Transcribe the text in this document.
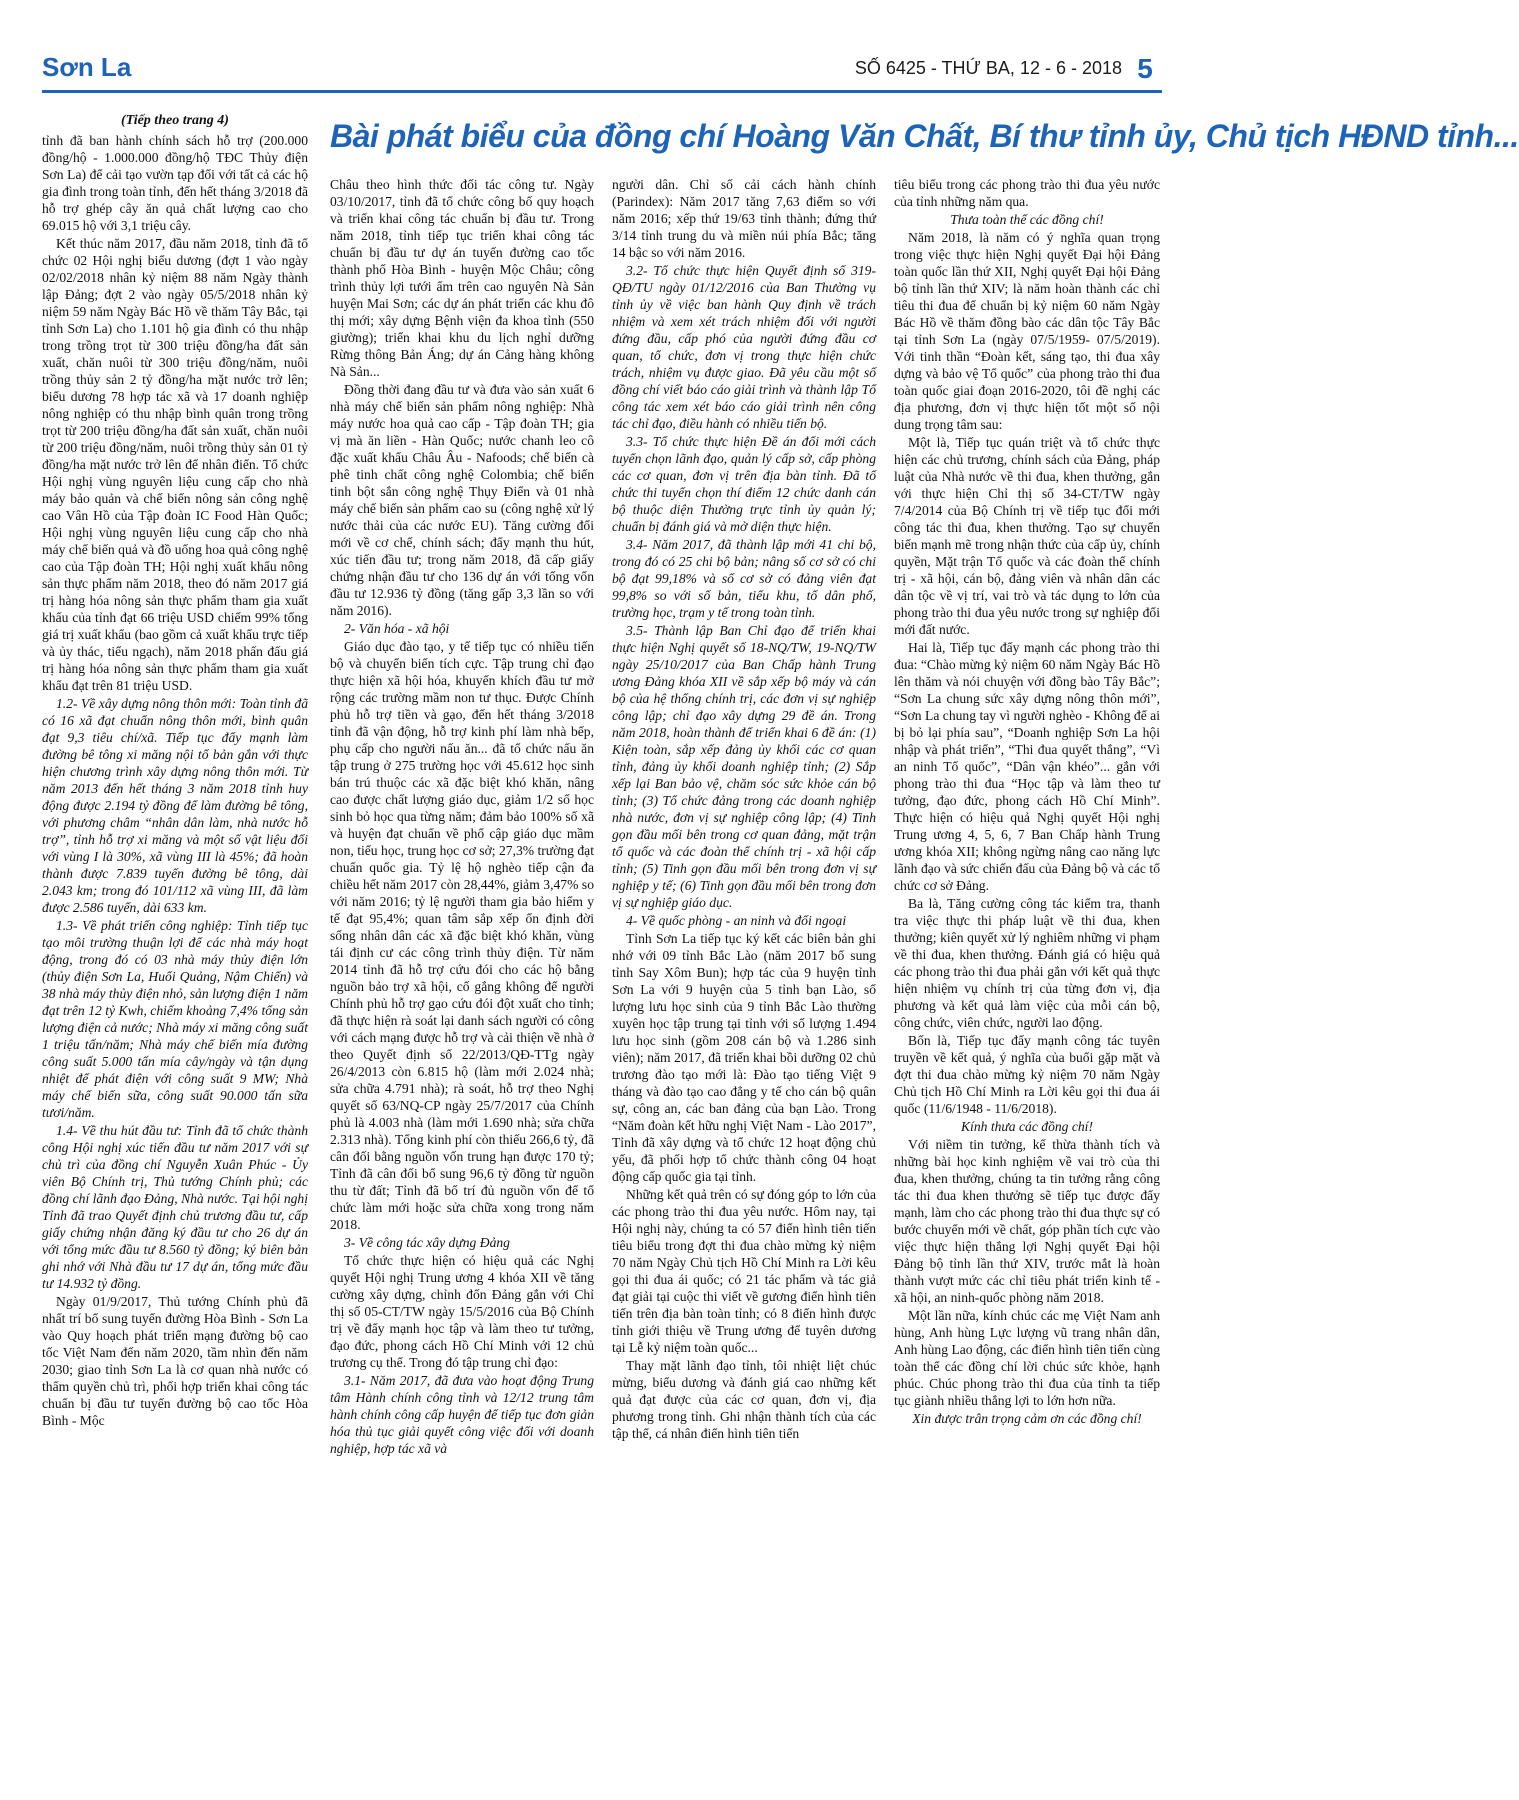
Sơn La	SỐ 6425 - THỨ BA, 12 - 6 - 2018 5
Bài phát biểu của đồng chí Hoàng Văn Chất, Bí thư tỉnh ủy, Chủ tịch HĐND tỉnh...
(Tiếp theo trang 4)

tỉnh đã ban hành chính sách hỗ trợ (200.000 đồng/hộ - 1.000.000 đồng/hộ TĐC Thủy điện Sơn La) để cải tạo vườn tạp đối với tất cả các hộ gia đình trong toàn tỉnh, đến hết tháng 3/2018 đã hỗ trợ ghép cây ăn quả chất lượng cao cho 69.015 hộ với 3,1 triệu cây.

Kết thúc năm 2017, đầu năm 2018, tỉnh đã tổ chức 02 Hội nghị biểu dương (đợt 1 vào ngày 02/02/2018 nhân kỷ niệm 88 năm Ngày thành lập Đảng; đợt 2 vào ngày 05/5/2018 nhân kỷ niệm 59 năm Ngày Bác Hồ về thăm Tây Bắc, tại tỉnh Sơn La) cho 1.101 hộ gia đình có thu nhập trong trồng trọt từ 300 triệu đồng/ha đất sản xuất, chăn nuôi từ 300 triệu đồng/năm, nuôi trồng thủy sản 2 tỷ đồng/ha mặt nước trở lên; biểu dương 78 hợp tác xã và 17 doanh nghiệp nông nghiệp có thu nhập bình quân trong trồng trọt từ 200 triệu đồng/ha đất sản xuất, chăn nuôi từ 200 triệu đồng/năm, nuôi trồng thủy sản 01 tỷ đồng/ha mặt nước trở lên để nhân điển. Tổ chức Hội nghị vùng nguyên liệu cung cấp cho nhà máy bảo quản và chế biến nông sản công nghệ cao Vân Hồ của Tập đoàn IC Food Hàn Quốc; Hội nghị vùng nguyên liệu cung cấp cho nhà máy chế biến quả và đồ uống hoa quả công nghệ cao của Tập đoàn TH; Hội nghị xuất khẩu nông sản thực phẩm năm 2018, theo đó năm 2017 giá trị hàng hóa nông sản thực phẩm tham gia xuất khẩu của tỉnh đạt 66 triệu USD chiếm 99% tổng giá trị xuất khẩu (bao gồm cả xuất khẩu trực tiếp và ủy thác, tiểu ngạch), năm 2018 phấn đấu giá trị hàng hóa nông sản thực phẩm tham gia xuất khẩu đạt trên 81 triệu USD.

1.2- Về xây dựng nông thôn mới: Toàn tỉnh đã có 16 xã đạt chuẩn nông thôn mới, bình quân đạt 9,3 tiêu chí/xã. Tiếp tục đẩy mạnh làm đường bê tông xi măng nội tổ bản gắn với thực hiện chương trình xây dựng nông thôn mới. Từ năm 2013 đến hết tháng 3 năm 2018 tỉnh huy động được 2.194 tỷ đồng để làm đường bê tông, với phương châm “nhân dân làm, nhà nước hỗ trợ”, tỉnh hỗ trợ xi măng và một số vật liệu đối với vùng I là 30%, xã vùng III là 45%; đã hoàn thành được 7.839 tuyến đường bê tông, dài 2.043 km; trong đó 101/112 xã vùng III, đã làm được 2.586 tuyến, dài 633 km.

1.3- Về phát triển công nghiệp: Tỉnh tiếp tục tạo môi trường thuận lợi để các nhà máy hoạt động, trong đó có 03 nhà máy thủy điện lớn (thủy điện Sơn La, Huổi Quảng, Nậm Chiến) và 38 nhà máy thủy điện nhỏ, sản lượng điện 1 năm đạt trên 12 tỷ Kwh, chiếm khoảng 7,4% tổng sản lượng điện cả nước; Nhà máy xi măng công suất 1 triệu tấn/năm; Nhà máy chế biến mía đường công suất 5.000 tấn mía cây/ngày và tận dụng nhiệt để phát điện với công suất 9 MW; Nhà máy chế biến sữa, công suất 90.000 tấn sữa tươi/năm.

1.4- Về thu hút đầu tư: Tỉnh đã tổ chức thành công Hội nghị xúc tiến đầu tư năm 2017 với sự chủ trì của đồng chí Nguyễn Xuân Phúc - Ủy viên Bộ Chính trị, Thủ tướng Chính phủ; các đồng chí lãnh đạo Đảng, Nhà nước. Tại hội nghị Tỉnh đã trao Quyết định chủ trương đầu tư, cấp giấy chứng nhận đăng ký đầu tư cho 26 dự án với tổng mức đầu tư 8.560 tỷ đồng; ký biên bản ghi nhớ với Nhà đầu tư 17 dự án, tổng mức đầu tư 14.932 tỷ đồng.

Ngày 01/9/2017, Thủ tướng Chính phủ đã nhất trí bổ sung tuyến đường Hòa Bình - Sơn La vào Quy hoạch phát triển mạng đường bộ cao tốc Việt Nam đến năm 2020, tầm nhìn đến năm 2030; giao tỉnh Sơn La là cơ quan nhà nước có thẩm quyền chủ trì, phối hợp triển khai công tác chuẩn bị đầu tư tuyến đường bộ cao tốc Hòa Bình - Mộc

Châu theo hình thức đối tác công tư. Ngày 03/10/2017, tỉnh đã tổ chức công bố quy hoạch và triển khai công tác chuẩn bị đầu tư. Trong năm 2018, tỉnh tiếp tục triển khai công tác chuẩn bị đầu tư dự án tuyến đường cao tốc thành phố Hòa Bình - huyện Mộc Châu; công trình thủy lợi tưới ẩm trên cao nguyên Nà Sản huyện Mai Sơn; các dự án phát triển các khu đô thị mới; xây dựng Bệnh viện đa khoa tỉnh (550 giường); triển khai khu du lịch nghỉ dưỡng Rừng thông Bản Áng; dự án Cảng hàng không Nà Sản...

Đồng thời đang đầu tư và đưa vào sản xuất 6 nhà máy chế biến sản phẩm nông nghiệp: Nhà máy nước hoa quả cao cấp - Tập đoàn TH; gia vị mà ăn liền - Hàn Quốc; nước chanh leo cô đặc xuất khẩu Châu Âu - Nafoods; chế biến cà phê tinh chất công nghệ Colombia; chế biến tinh bột sắn công nghệ Thụy Điển và 01 nhà máy chế biến sản phẩm cao su (công nghệ xử lý nước thải của các nước EU). Tăng cường đổi mới về cơ chế, chính sách; đẩy mạnh thu hút, xúc tiến đầu tư; trong năm 2018, đã cấp giấy chứng nhận đầu tư cho 136 dự án với tổng vốn đầu tư 12.936 tỷ đồng (tăng gấp 3,3 lần so với năm 2016).

2- Văn hóa - xã hội

Giáo dục đào tạo, y tế tiếp tục có nhiều tiến bộ và chuyển biến tích cực. Tập trung chỉ đạo thực hiện xã hội hóa, khuyến khích đầu tư mở rộng các trường mầm non tư thục. Được Chính phủ hỗ trợ tiền và gạo, đến hết tháng 3/2018 tỉnh đã vận động, hỗ trợ kinh phí làm nhà bếp, phụ cấp cho người nấu ăn... đã tổ chức nấu ăn tập trung ở 275 trường học với 45.612 học sinh bán trú thuộc các xã đặc biệt khó khăn, nâng cao được chất lượng giáo dục, giảm 1/2 số học sinh bỏ học qua từng năm; đảm bảo 100% số xã và huyện đạt chuẩn về phổ cập giáo dục mầm non, tiểu học, trung học cơ sở; 27,3% trường đạt chuẩn quốc gia. Tỷ lệ hộ nghèo tiếp cận đa chiều hết năm 2017 còn 28,44%, giảm 3,47% so với năm 2016; tỷ lệ người tham gia bảo hiểm y tế đạt 95,4%; quan tâm sắp xếp ổn định đời sống nhân dân các xã đặc biệt khó khăn, vùng tái định cư các công trình thủy điện. Từ năm 2014 tỉnh đã hỗ trợ cứu đói cho các hộ bằng nguồn bảo trợ xã hội, cố gắng không để người Chính phủ hỗ trợ gạo cứu đói đột xuất cho tỉnh; đã thực hiện rà soát lại danh sách người có công với cách mạng được hỗ trợ và cải thiện về nhà ở theo Quyết định số 22/2013/QĐ-TTg ngày 26/4/2013 còn 6.815 hộ (làm mới 2.024 nhà; sửa chữa 4.791 nhà); rà soát, hỗ trợ theo Nghị quyết số 63/NQ-CP ngày 25/7/2017 của Chính phủ là 4.003 nhà (làm mới 1.690 nhà; sửa chữa 2.313 nhà). Tổng kinh phí còn thiếu 266,6 tỷ, đã cân đối bằng nguồn vốn trung hạn được 170 tỷ; Tỉnh đã cân đối bổ sung 96,6 tỷ đồng từ nguồn thu từ đất; Tỉnh đã bố trí đủ nguồn vốn để tổ chức làm mới hoặc sửa chữa xong trong năm 2018.

3- Về công tác xây dựng Đảng

Tổ chức thực hiện có hiệu quả các Nghị quyết Hội nghị Trung ương 4 khóa XII về tăng cường xây dựng, chỉnh đốn Đảng gắn với Chỉ thị số 05-CT/TW ngày 15/5/2016 của Bộ Chính trị về đẩy mạnh học tập và làm theo tư tưởng, đạo đức, phong cách Hồ Chí Minh với 12 chủ trương cụ thể. Trong đó tập trung chỉ đạo:

3.1- Năm 2017, đã đưa vào hoạt động Trung tâm Hành chính công tỉnh và 12/12 trung tâm hành chính công cấp huyện để tiếp tục đơn giản hóa thủ tục giải quyết công việc đối với doanh nghiệp, hợp tác xã và

người dân. Chỉ số cải cách hành chính (Parindex): Năm 2017 tăng 7,63 điểm so với năm 2016; xếp thứ 19/63 tỉnh thành; đứng thứ 3/14 tỉnh trung du và miền núi phía Bắc; tăng 14 bậc so với năm 2016.

3.2- Tổ chức thực hiện Quyết định số 319-QĐ/TU ngày 01/12/2016 của Ban Thường vụ tỉnh ủy về việc ban hành Quy định về trách nhiệm và xem xét trách nhiệm đối với người đứng đầu, cấp phó của người đứng đầu cơ quan, tổ chức, đơn vị trong thực hiện chức trách, nhiệm vụ được giao. Đã yêu cầu một số đồng chí viết báo cáo giải trình và thành lập Tổ công tác xem xét báo cáo giải trình nên công tác chỉ đạo, điều hành có nhiều tiến bộ.

3.3- Tổ chức thực hiện Đề án đổi mới cách tuyển chọn lãnh đạo, quản lý cấp sở, cấp phòng các cơ quan, đơn vị trên địa bàn tỉnh. Đã tổ chức thi tuyển chọn thí điểm 12 chức danh cán bộ thuộc diện Thường trực tỉnh ủy quản lý; chuẩn bị đánh giá và mở diện thực hiện.

3.4- Năm 2017, đã thành lập mới 41 chi bộ, trong đó có 25 chi bộ bản; nâng số cơ sở có chi bộ đạt 99,18% và số cơ sở có đảng viên đạt 99,8% so với số bản, tiểu khu, tổ dân phố, trường học, trạm y tế trong toàn tỉnh.

3.5- Thành lập Ban Chỉ đạo để triển khai thực hiện Nghị quyết số 18-NQ/TW, 19-NQ/TW ngày 25/10/2017 của Ban Chấp hành Trung ương Đảng khóa XII về sắp xếp bộ máy và cán bộ của hệ thống chính trị, các đơn vị sự nghiệp công lập; chỉ đạo xây dựng 29 đề án. Trong năm 2018, hoàn thành để triển khai 6 đề án: (1) Kiện toàn, sắp xếp đảng ủy khối các cơ quan tỉnh, đảng ủy khối doanh nghiệp tỉnh; (2) Sắp xếp lại Ban bảo vệ, chăm sóc sức khỏe cán bộ tỉnh; (3) Tổ chức đảng trong các doanh nghiệp nhà nước, đơn vị sự nghiệp công lập; (4) Tinh gọn đầu mối bên trong cơ quan đảng, mặt trận tổ quốc và các đoàn thể chính trị - xã hội cấp tỉnh; (5) Tinh gọn đầu mối bên trong đơn vị sự nghiệp y tế; (6) Tinh gọn đầu mối bên trong đơn vị sự nghiệp giáo dục.

4- Về quốc phòng - an ninh và đối ngoại

Tỉnh Sơn La tiếp tục ký kết các biên bản ghi nhớ với 09 tỉnh Bắc Lào (năm 2017 bổ sung tỉnh Say Xôm Bun); hợp tác của 9 huyện tỉnh Sơn La với 9 huyện của 5 tỉnh bạn Lào, số lượng lưu học sinh của 9 tỉnh Bắc Lào thường xuyên học tập trung tại tỉnh với số lượng 1.494 lưu học sinh (gồm 208 cán bộ và 1.286 sinh viên); năm 2017, đã triển khai bồi dưỡng 02 chủ trương đào tạo mới là: Đào tạo tiếng Việt 9 tháng và đào tạo cao đẳng y tế cho cán bộ quân sự, công an, các ban đảng của bạn Lào. Trong “Năm đoàn kết hữu nghị Việt Nam - Lào 2017”, Tỉnh đã xây dựng và tổ chức 12 hoạt động chủ yếu, đã phối hợp tổ chức thành công 04 hoạt động cấp quốc gia tại tỉnh.

Những kết quả trên có sự đóng góp to lớn của các phong trào thi đua yêu nước. Hôm nay, tại Hội nghị này, chúng ta có 57 điển hình tiên tiến tiêu biểu trong đợt thi đua chào mừng kỷ niệm 70 năm Ngày Chủ tịch Hồ Chí Minh ra Lời kêu gọi thi đua ái quốc; có 21 tác phẩm và tác giả đạt giải tại cuộc thi viết về gương điển hình tiên tiến trên địa bàn toàn tỉnh; có 8 điển hình được tỉnh giới thiệu về Trung ương để tuyên dương tại Lễ kỷ niệm toàn quốc...

Thay mặt lãnh đạo tỉnh, tôi nhiệt liệt chúc mừng, biểu dương và đánh giá cao những kết quả đạt được của các cơ quan, đơn vị, địa phương trong tỉnh. Ghi nhận thành tích của các tập thể, cá nhân điển hình tiên tiến

tiêu biểu trong các phong trào thi đua yêu nước của tỉnh những năm qua.

Thưa toàn thể các đồng chí!

Năm 2018, là năm có ý nghĩa quan trọng trong việc thực hiện Nghị quyết Đại hội Đảng toàn quốc lần thứ XII, Nghị quyết Đại hội Đảng bộ tỉnh lần thứ XIV; là năm hoàn thành các chỉ tiêu thi đua để chuẩn bị kỷ niệm 60 năm Ngày Bác Hồ về thăm đồng bào các dân tộc Tây Bắc tại tỉnh Sơn La (ngày 07/5/1959- 07/5/2019). Với tinh thần “Đoàn kết, sáng tạo, thi đua xây dựng và bảo vệ Tổ quốc” của phong trào thi đua toàn quốc giai đoạn 2016-2020, tôi đề nghị các địa phương, đơn vị thực hiện tốt một số nội dung trọng tâm sau:

Một là, Tiếp tục quán triệt và tổ chức thực hiện các chủ trương, chính sách của Đảng, pháp luật của Nhà nước về thi đua, khen thưởng, gắn với thực hiện Chỉ thị số 34-CT/TW ngày 7/4/2014 của Bộ Chính trị về tiếp tục đổi mới công tác thi đua, khen thưởng. Tạo sự chuyển biến mạnh mẽ trong nhận thức của cấp ủy, chính quyền, Mặt trận Tổ quốc và các đoàn thể chính trị - xã hội, cán bộ, đảng viên và nhân dân các dân tộc về vị trí, vai trò và tác dụng to lớn của phong trào thi đua yêu nước trong sự nghiệp đổi mới đất nước.

Hai là, Tiếp tục đẩy mạnh các phong trào thi đua: “Chào mừng kỷ niệm 60 năm Ngày Bác Hồ lên thăm và nói chuyện với đồng bào Tây Bắc”; “Sơn La chung sức xây dựng nông thôn mới”, “Sơn La chung tay vì người nghèo - Không để ai bị bỏ lại phía sau”, “Doanh nghiệp Sơn La hội nhập và phát triển”, “Thi đua quyết thắng”, “Vì an ninh Tổ quốc”, “Dân vận khéo”... gắn với phong trào thi đua “Học tập và làm theo tư tưởng, đạo đức, phong cách Hồ Chí Minh”. Thực hiện có hiệu quả Nghị quyết Hội nghị Trung ương 4, 5, 6, 7 Ban Chấp hành Trung ương khóa XII; không ngừng nâng cao năng lực lãnh đạo và sức chiến đấu của Đảng bộ và các tổ chức cơ sở Đảng.

Ba là, Tăng cường công tác kiểm tra, thanh tra việc thực thi pháp luật về thi đua, khen thưởng; kiên quyết xử lý nghiêm những vi phạm về thi đua, khen thưởng. Đánh giá có hiệu quả các phong trào thi đua phải gắn với kết quả thực hiện nhiệm vụ chính trị của từng đơn vị, địa phương và kết quả làm việc của mỗi cán bộ, công chức, viên chức, người lao động.

Bốn là, Tiếp tục đẩy mạnh công tác tuyên truyền về kết quả, ý nghĩa của buổi gặp mặt và đợt thi đua chào mừng kỷ niệm 70 năm Ngày Chủ tịch Hồ Chí Minh ra Lời kêu gọi thi đua ái quốc (11/6/1948 - 11/6/2018).

Kính thưa các đồng chí!

Với niềm tin tưởng, kế thừa thành tích và những bài học kinh nghiệm về vai trò của thi đua, khen thưởng, chúng ta tin tưởng rằng công tác thi đua khen thưởng sẽ tiếp tục được đẩy mạnh, làm cho các phong trào thi đua thực sự có bước chuyển mới về chất, góp phần tích cực vào việc thực hiện thắng lợi Nghị quyết Đại hội Đảng bộ tỉnh lần thứ XIV, trước mắt là hoàn thành vượt mức các chỉ tiêu phát triển kinh tế - xã hội, an ninh-quốc phòng năm 2018.

Một lần nữa, kính chúc các mẹ Việt Nam anh hùng, Anh hùng Lực lượng vũ trang nhân dân, Anh hùng Lao động, các điển hình tiên tiến cùng toàn thể các đồng chí lời chúc sức khỏe, hạnh phúc. Chúc phong trào thi đua của tỉnh ta tiếp tục giành nhiều thắng lợi to lớn hơn nữa.

Xin được trân trọng cảm ơn các đồng chí!
